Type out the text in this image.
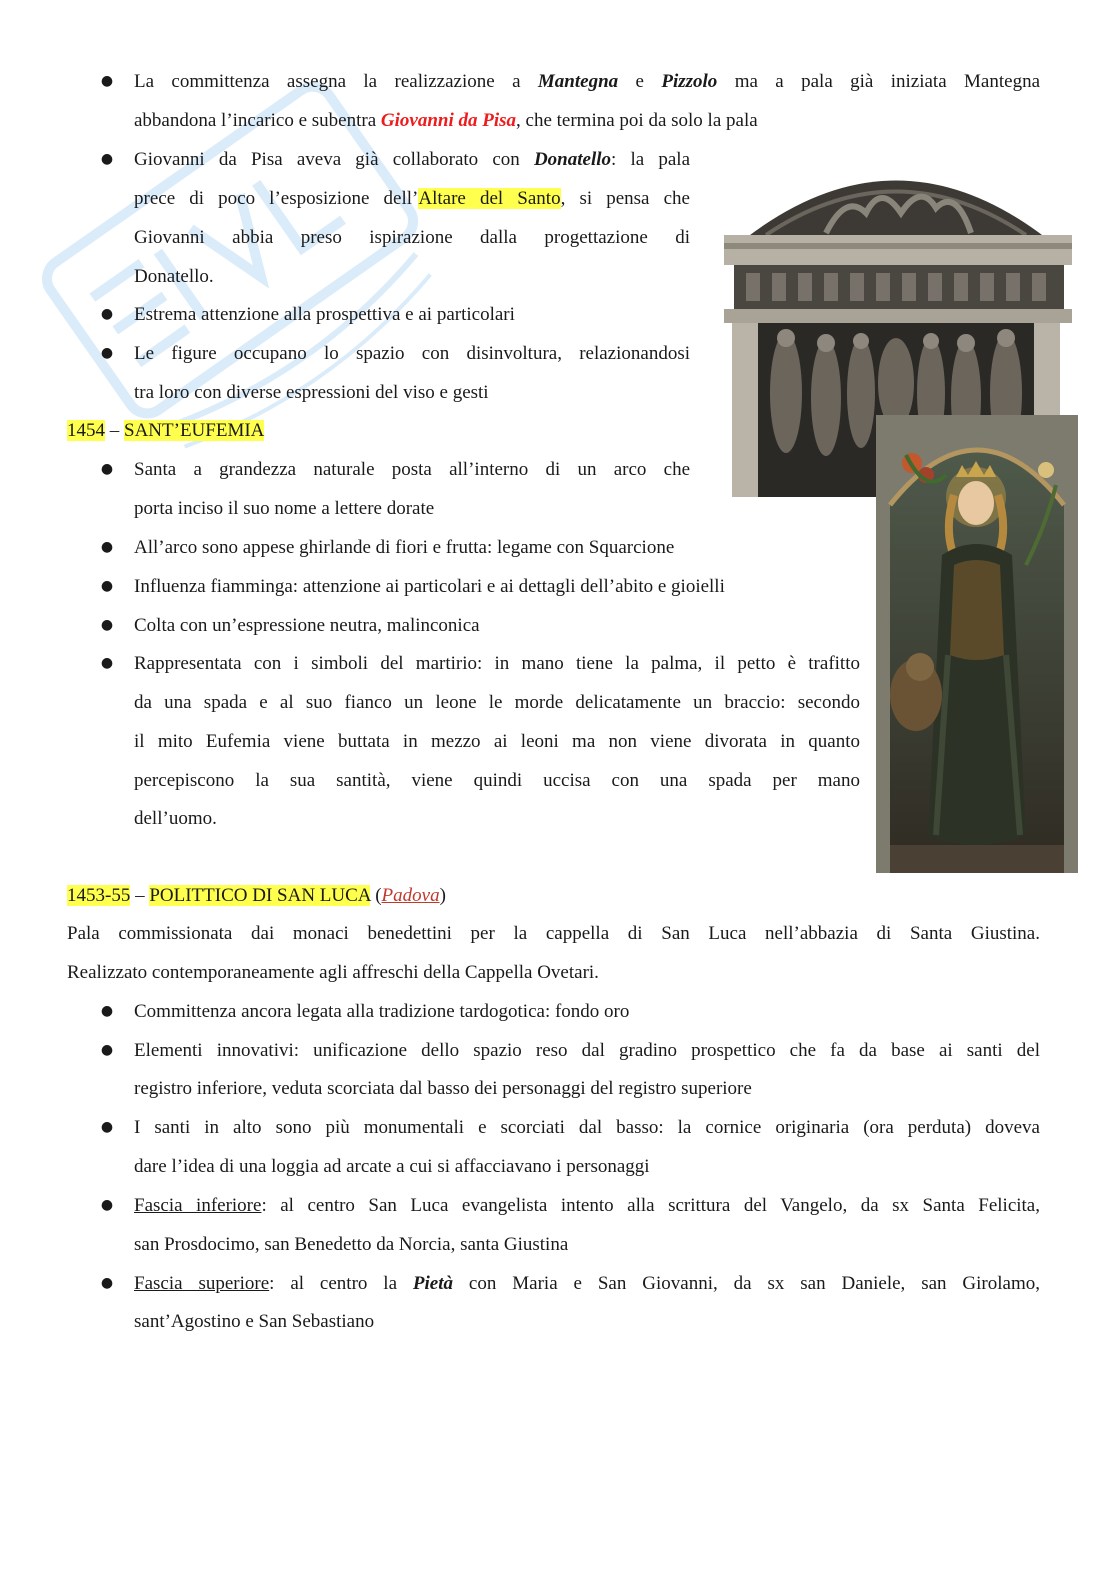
● La committenza assegna la realizzazione a Mantegna e Pizzolo ma a pala già iniziata Mantegna
abbandona l’incarico e subentra Giovanni da Pisa, che termina poi da solo la pala
● Giovanni da Pisa aveva già collaborato con Donatello: la pala
prece di poco l’esposizione dell’Altare del Santo, si pensa che
Giovanni abbia preso ispirazione dalla progettazione di
Donatello.
● Estrema attenzione alla prospettiva e ai particolari
● Le figure occupano lo spazio con disinvoltura, relazionandosi
tra loro con diverse espressioni del viso e gesti
1454 – SANT’EUFEMIA
● Santa a grandezza naturale posta all’interno di un arco che
porta inciso il suo nome a lettere dorate
● All’arco sono appese ghirlande di fiori e frutta: legame con Squarcione
● Influenza fiamminga: attenzione ai particolari e ai dettagli dell’abito e gioielli
● Colta con un’espressione neutra, malinconica
● Rappresentata con i simboli del martirio: in mano tiene la palma, il petto è trafitto
da una spada e al suo fianco un leone le morde delicatamente un braccio: secondo
il mito Eufemia viene buttata in mezzo ai leoni ma non viene divorata in quanto
percepiscono la sua santità, viene quindi uccisa con una spada per mano
dell’uomo.
1453-55 – POLITTICO DI SAN LUCA (Padova)
Pala commissionata dai monaci benedettini per la cappella di San Luca nell’abbazia di Santa Giustina.
Realizzato contemporaneamente agli affreschi della Cappella Ovetari.
● Committenza ancora legata alla tradizione tardogotica: fondo oro
● Elementi innovativi: unificazione dello spazio reso dal gradino prospettico che fa da base ai santi del
registro inferiore, veduta scorciata dal basso dei personaggi del registro superiore
● I santi in alto sono più monumentali e scorciati dal basso: la cornice originaria (ora perduta) doveva
dare l’idea di una loggia ad arcate a cui si affacciavano i personaggi
● Fascia inferiore: al centro San Luca evangelista intento alla scrittura del Vangelo, da sx Santa Felicita,
san Prosdocimo, san Benedetto da Norcia, santa Giustina
● Fascia superiore: al centro la Pietà con Maria e San Giovanni, da sx san Daniele, san Girolamo,
sant’Agostino e San Sebastiano
